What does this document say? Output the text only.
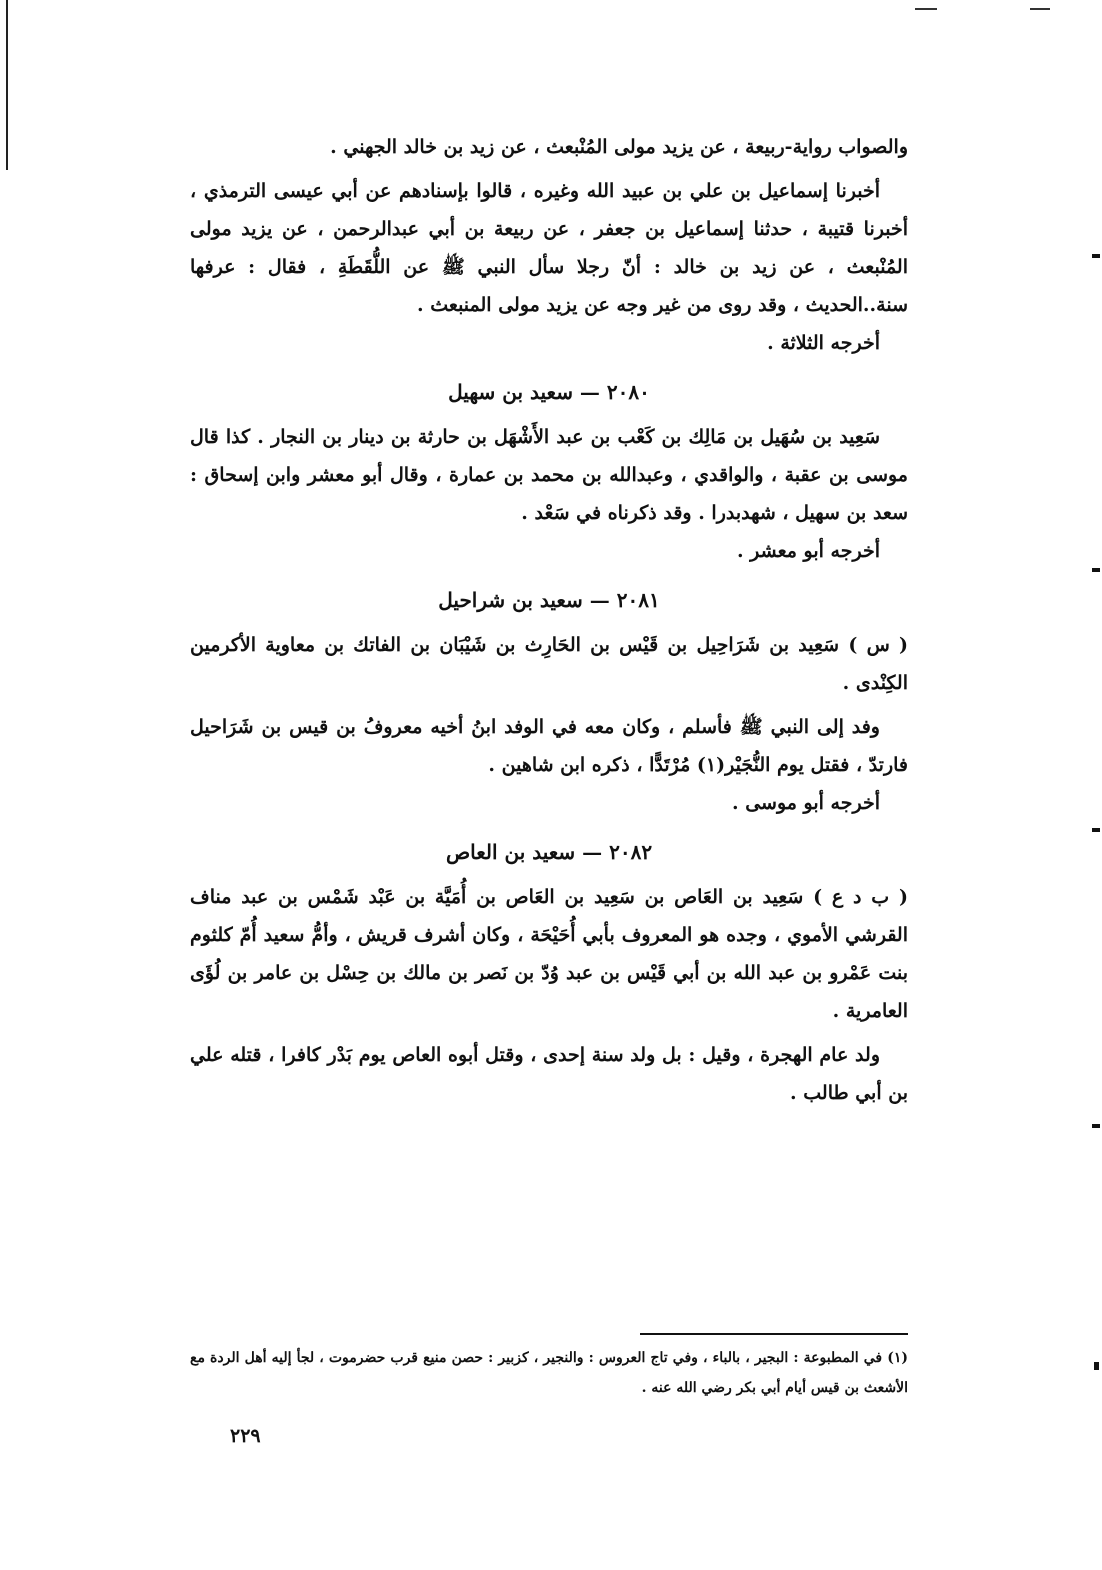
والصواب رواية-ربيعة ، عن يزيد مولى المُنْبعث ، عن زيد بن خالد الجهني .

أخبرنا إسماعيل بن علي بن عبيد الله وغيره ، قالوا بإسنادهم عن أبي عيسى الترمذي ، أخبرنا قتيبة ، حدثنا إسماعيل بن جعفر ، عن ربيعة بن أبي عبدالرحمن ، عن يزيد مولى المُنْبعث ، عن زيد بن خالد : أنّ رجلا سأل النبي ﷺ عن اللُّقَطَةِ ، فقال : عرفها سنة..الحديث ، وقد روى من غير وجه عن يزيد مولى المنبعث .

أخرجه الثلاثة .

٢٠٨٠ — سعيد بن سهيل

سَعِيد بن سُهَيل بن مَالِك بن كَعْب بن عبد الأَشْهَل بن حارثة بن دينار بن النجار . كذا قال موسى بن عقبة ، والواقدي ، وعبدالله بن محمد بن عمارة ، وقال أبو معشر وابن إسحاق : سعد بن سهيل ، شهدبدرا . وقد ذكرناه في سَعْد .

أخرجه أبو معشر .

٢٠٨١ — سعيد بن شراحيل

( س ) سَعِيد بن شَرَاحِيل بن قَيْس بن الحَارِث بن شَيْبَان بن الفاتك بن معاوية الأكرمين الكِنْدى .

وفد إلى النبي ﷺ فأسلم ، وكان معه في الوفد ابنُ أخيه معروفُ بن قيس بن شَرَاحيل فارتدّ ، فقتل يوم النُّجَيْر(١) مُرْتَدًّا ، ذكره ابن شاهين .

أخرجه أبو موسى .

٢٠٨٢ — سعيد بن العاص

( ب د ع ) سَعِيد بن العَاص بن سَعِيد بن العَاص بن أُمَيَّة بن عَبْد شَمْس بن عبد مناف القرشي الأموي ، وجده هو المعروف بأبي أُحَيْحَة ، وكان أشرف قريش ، وأمُّ سعيد أُمّ كلثوم بنت عَمْرو بن عبد الله بن أبي قَيْس بن عبد وُدّ بن نَصر بن مالك بن حِسْل بن عامر بن لُؤَى العامرية .

ولد عام الهجرة ، وقيل : بل ولد سنة إحدى ، وقتل أبوه العاص يوم بَدْر كافرا ، قتله علي بن أبي طالب .

(١) في المطبوعة : البجير ، بالباء ، وفي تاج العروس : والنجير ، كزبير : حصن منيع قرب حضرموت ، لجأ إليه أهل الردة مع الأشعث بن قيس أيام أبي بكر رضي الله عنه .

٢٢٩
